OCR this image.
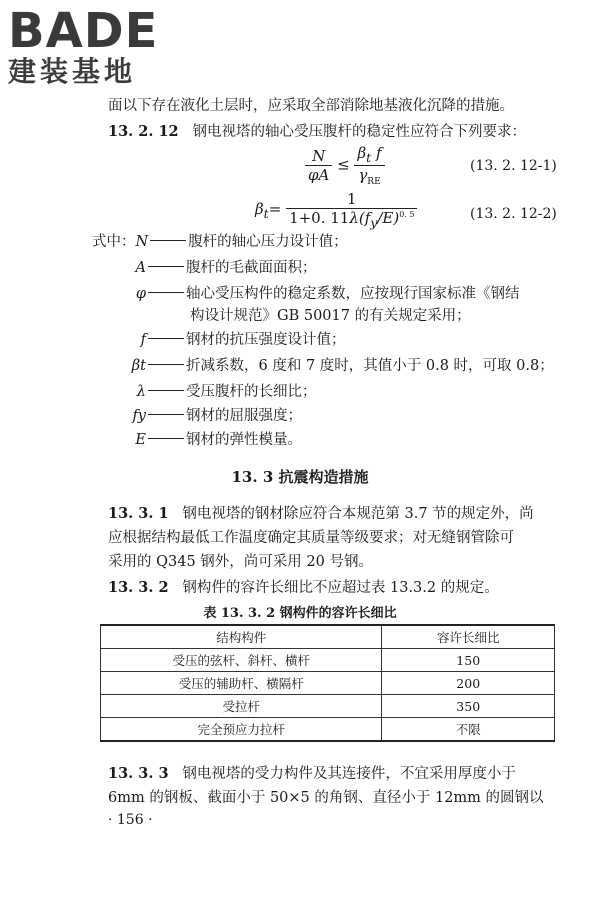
BADE
建装基地
面以下存在液化土层时，应采取全部消除地基液化沉降的措施。
13. 2. 12 钢电视塔的轴心受压腹杆的稳定性应符合下列要求：
$\frac{N}{\varphi A} \le \frac{\beta_t f}{\gamma_{RE}}$	(13. 2. 12-1)
$\beta_t= \frac{1}{1+0. 11\lambda(f_y/E)^{0. 5}}$	(13. 2. 12-2)
式中：N	腹杆的轴心压力设计值；
A	腹杆的毛截面面积；
φ	轴心受压构件的稳定系数，应按现行国家标准《钢结
构设计规范》GB 50017 的有关规定采用；
f	钢材的抗压强度设计值；
βt	折减系数，6 度和 7 度时，其值小于 0.8 时，可取 0.8；
λ	受压腹杆的长细比；
fy	钢材的屈服强度；
E	钢材的弹性模量。
13. 3 抗震构造措施
13. 3. 1 钢电视塔的钢材除应符合本规范第 3.7 节的规定外，尚
应根据结构最低工作温度确定其质量等级要求；对无缝钢管除可
采用的 Q345 钢外，尚可采用 20 号钢。
13. 3. 2 钢构件的容许长细比不应超过表 13.3.2 的规定。
表 13. 3. 2 钢构件的容许长细比
结构构件	容许长细比
受压的弦杆、斜杆、横杆	150
受压的辅助杆、横隔杆	200
受拉杆	350
完全预应力拉杆	不限
13. 3. 3 钢电视塔的受力构件及其连接件，不宜采用厚度小于
6mm 的钢板、截面小于 50×5 的角钢、直径小于 12mm 的圆钢以
· 156 ·
